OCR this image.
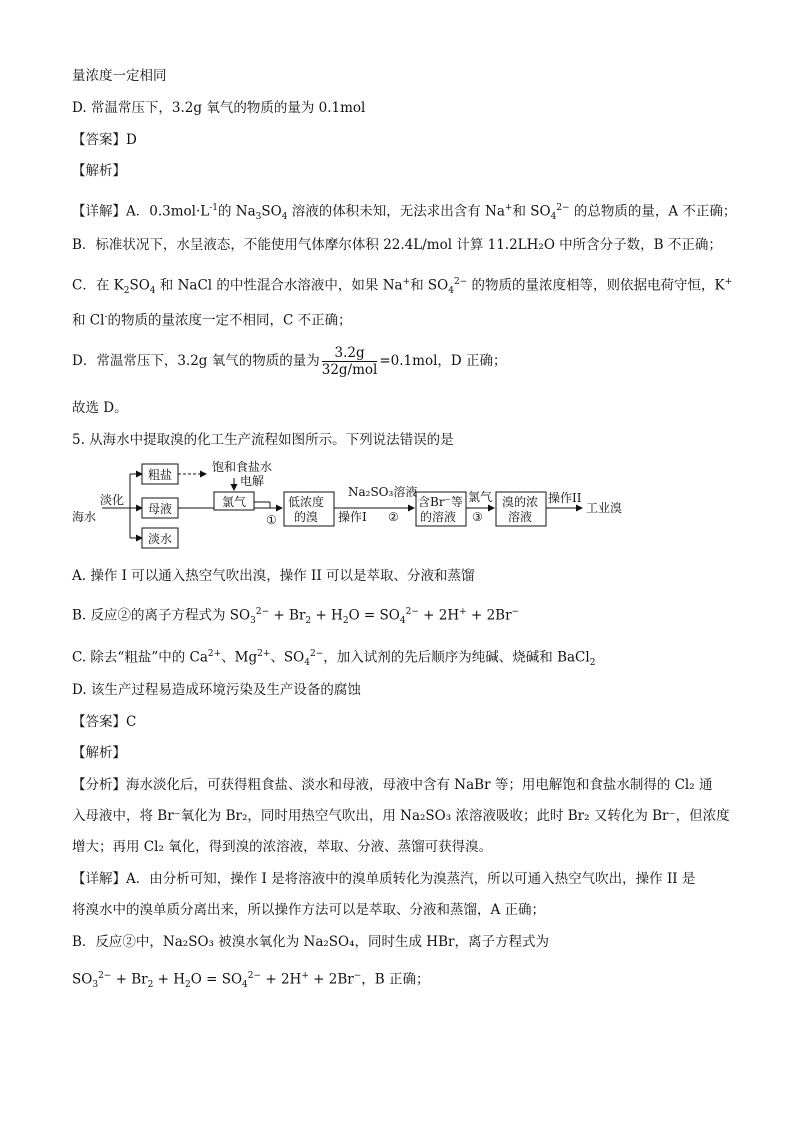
量浓度一定相同
D. 常温常压下，3.2g 氧气的物质的量为 0.1mol
【答案】D
【解析】
【详解】A．$0.3mol\cdot L^{-1}$的 $Na_3SO_4$ 溶液的体积未知，无法求出含有 Na+和 $SO_4^{2-}$ 的总物质的量，A 不正确；
B．标准状况下，水呈液态，不能使用气体摩尔体积 22.4L/mol 计算 11.2LH₂O 中所含分子数，B 不正确；
C．在 $K_2SO_4$ 和 NaCl 的中性混合水溶液中，如果 Na+和 $SO_4^{2-}$ 的物质的量浓度相等，则依据电荷守恒，K+
和 Cl-的物质的量浓度一定不相同，C 不正确；
D．常温常压下，3.2g 氧气的物质的量为 $\frac{3.2g}{\text{32g/mol}} =0.1mol$，D 正确；
故选 D。
5. 从海水中提取溴的化工生产流程如图所示。下列说法错误的是
海水
淡化
粗盐
饱和食盐水
电解
氯气
母液
淡水
①
低浓度
的溴 操作I
Na₂SO₃溶液
②
含Br⁻等
的溶液
氯气
③
溴的浓
溶液
操作II
工业溴
A. 操作 I 可以通入热空气吹出溴，操作 II 可以是萃取、分液和蒸馏
B. 反应②的离子方程式为 $SO_3^{2-} + Br_2 + H_2O = SO_4^{2-} + 2H^+ + 2Br^-$
C. 除去“粗盐”中的 $Ca^{2+}$、$Mg^{2+}$、$SO_4^{2-}$，加入试剂的先后顺序为纯碱、烧碱和 BaCl$_2$
D. 该生产过程易造成环境污染及生产设备的腐蚀
【答案】C
【解析】
【分析】海水淡化后，可获得粗食盐、淡水和母液，母液中含有 NaBr 等；用电解饱和食盐水制得的 Cl₂ 通
入母液中，将 Br⁻氧化为 Br₂，同时用热空气吹出，用 Na₂SO₃ 浓溶液吸收；此时 Br₂ 又转化为 Br⁻，但浓度
增大；再用 Cl₂ 氧化，得到溴的浓溶液，萃取、分液、蒸馏可获得溴。
【详解】A．由分析可知，操作 I 是将溶液中的溴单质转化为溴蒸汽，所以可通入热空气吹出，操作 II 是
将溴水中的溴单质分离出来，所以操作方法可以是萃取、分液和蒸馏，A 正确；
B．反应②中，Na₂SO₃ 被溴水氧化为 Na₂SO₄，同时生成 HBr，离子方程式为
$SO_3^{2-} + Br_2 + H_2O = SO_4^{2-} + 2H^+ + 2Br^-$，B 正确；
